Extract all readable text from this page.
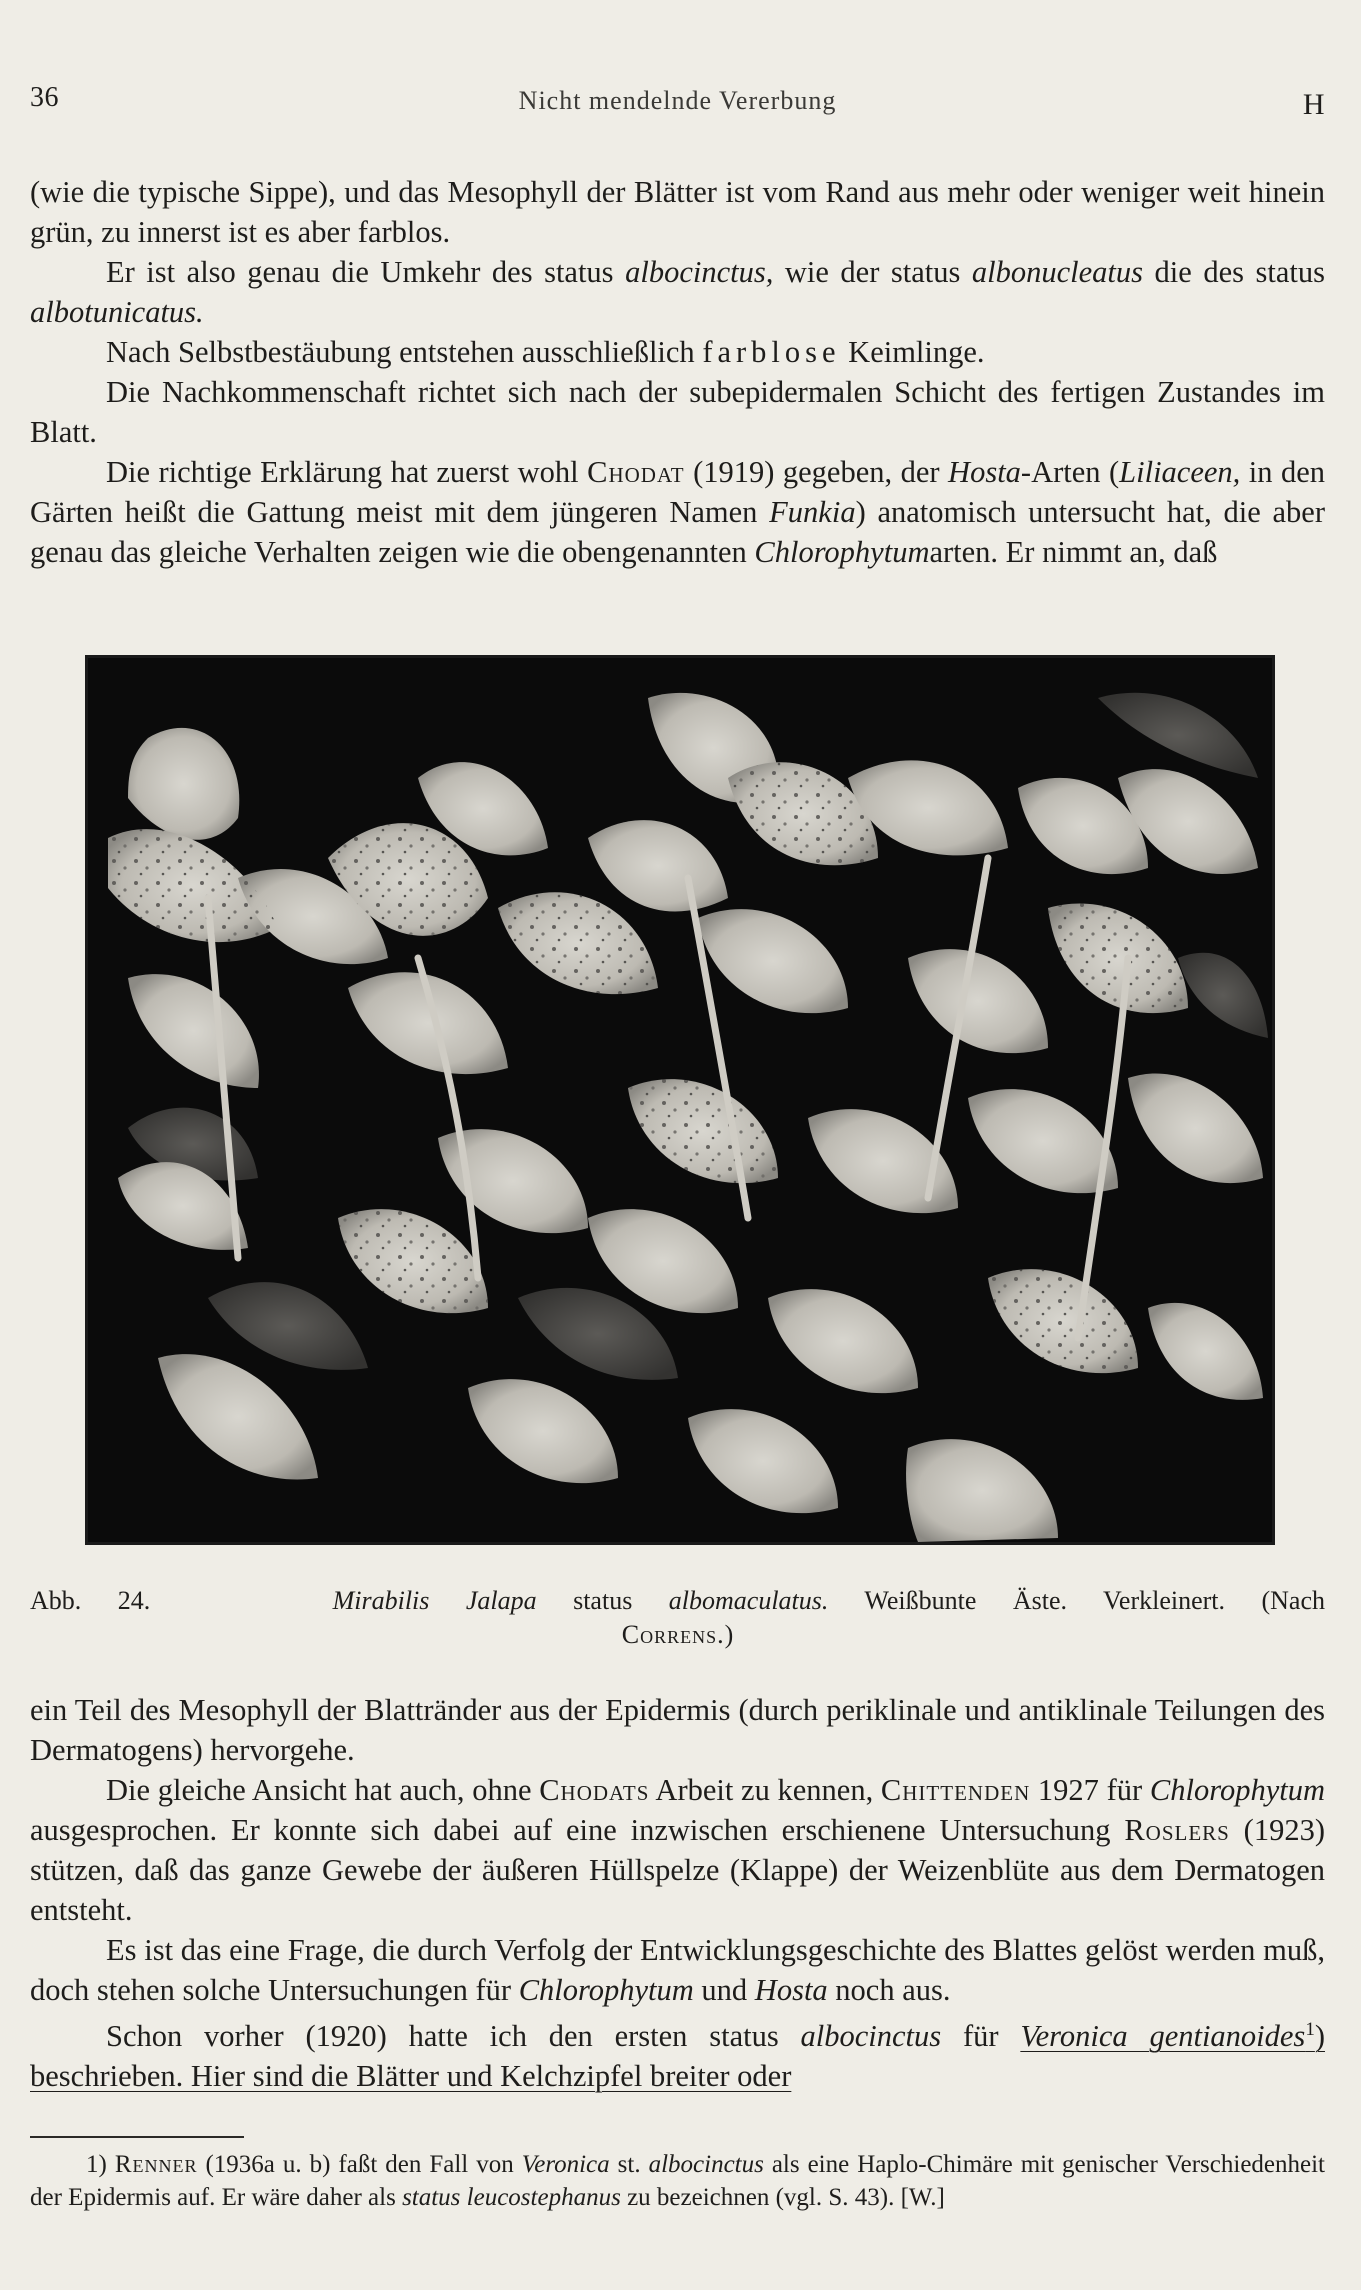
36	Nicht mendelnde Vererbung	H

(wie die typische Sippe), und das Mesophyll der Blätter ist vom Rand aus mehr oder weniger weit hinein grün, zu innerst ist es aber farblos.

Er ist also genau die Umkehr des status albocinctus, wie der status albonucleatus die des status albotunicatus.

Nach Selbstbestäubung entstehen ausschließlich farblose Keimlinge.

Die Nachkommenschaft richtet sich nach der subepidermalen Schicht des fertigen Zustandes im Blatt.

Die richtige Erklärung hat zuerst wohl Chodat (1919) gegeben, der Hosta-Arten (Liliaceen, in den Gärten heißt die Gattung meist mit dem jüngeren Namen Funkia) anatomisch untersucht hat, die aber genau das gleiche Verhalten zeigen wie die obengenannten Chlorophytumarten. Er nimmt an, daß

Abb. 24.	Mirabilis Jalapa status albomaculatus. Weißbunte Äste. Verkleinert. (Nach
Correns.)

ein Teil des Mesophyll der Blattränder aus der Epidermis (durch periklinale und antiklinale Teilungen des Dermatogens) hervorgehe.

Die gleiche Ansicht hat auch, ohne Chodats Arbeit zu kennen, Chittenden 1927 für Chlorophytum ausgesprochen. Er konnte sich dabei auf eine inzwischen erschienene Untersuchung Roslers (1923) stützen, daß das ganze Gewebe der äußeren Hüllspelze (Klappe) der Weizenblüte aus dem Dermatogen entsteht.

Es ist das eine Frage, die durch Verfolg der Entwicklungsgeschichte des Blattes gelöst werden muß, doch stehen solche Untersuchungen für Chlorophytum und Hosta noch aus.

Schon vorher (1920) hatte ich den ersten status albocinctus für Veronica gentianoides$^1$) beschrieben. Hier sind die Blätter und Kelchzipfel breiter oder

1) Renner (1936a u. b) faßt den Fall von Veronica st. albocinctus als eine Haplo-Chimäre mit genischer Verschiedenheit der Epidermis auf. Er wäre daher als status leucostephanus zu bezeichnen (vgl. S. 43). [W.]
